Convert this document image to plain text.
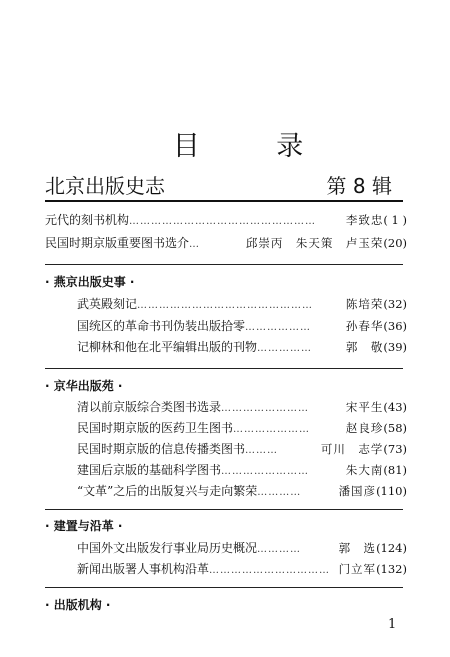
目 录
北京出版史志	第 8 辑
元代的刻书机构 ……………………………………………	李致忠 ( 1 )
民国时期京版重要图书选介 …	邱崇丙　朱天策　卢玉荣 (20)
· 燕京出版史事 ·
武英殿刻记 …………………………………………	陈培荣 (32)
国统区的革命书刊伪装出版拾零 ………………	孙春华 (36)
记柳林和他在北平编辑出版的刊物 ……………	郭　敬 (39)
· 京华出版苑 ·
清以前京版综合类图书选录 ……………………	宋平生 (43)
民国时期京版的医药卫生图书 …………………	赵良珍 (58)
民国时期京版的信息传播类图书 ………	可川　志学 (73)
建国后京版的基础科学图书 ……………………	朱大南 (81)
“文革”之后的出版复兴与走向繁荣 …………	潘国彦 (110)
· 建置与沿革 ·
中国外文出版发行事业局历史概况 …………	郭　选 (124)
新闻出版署人事机构沿革 …………………………… 门立军 (132)
· 出版机构 ·
1
